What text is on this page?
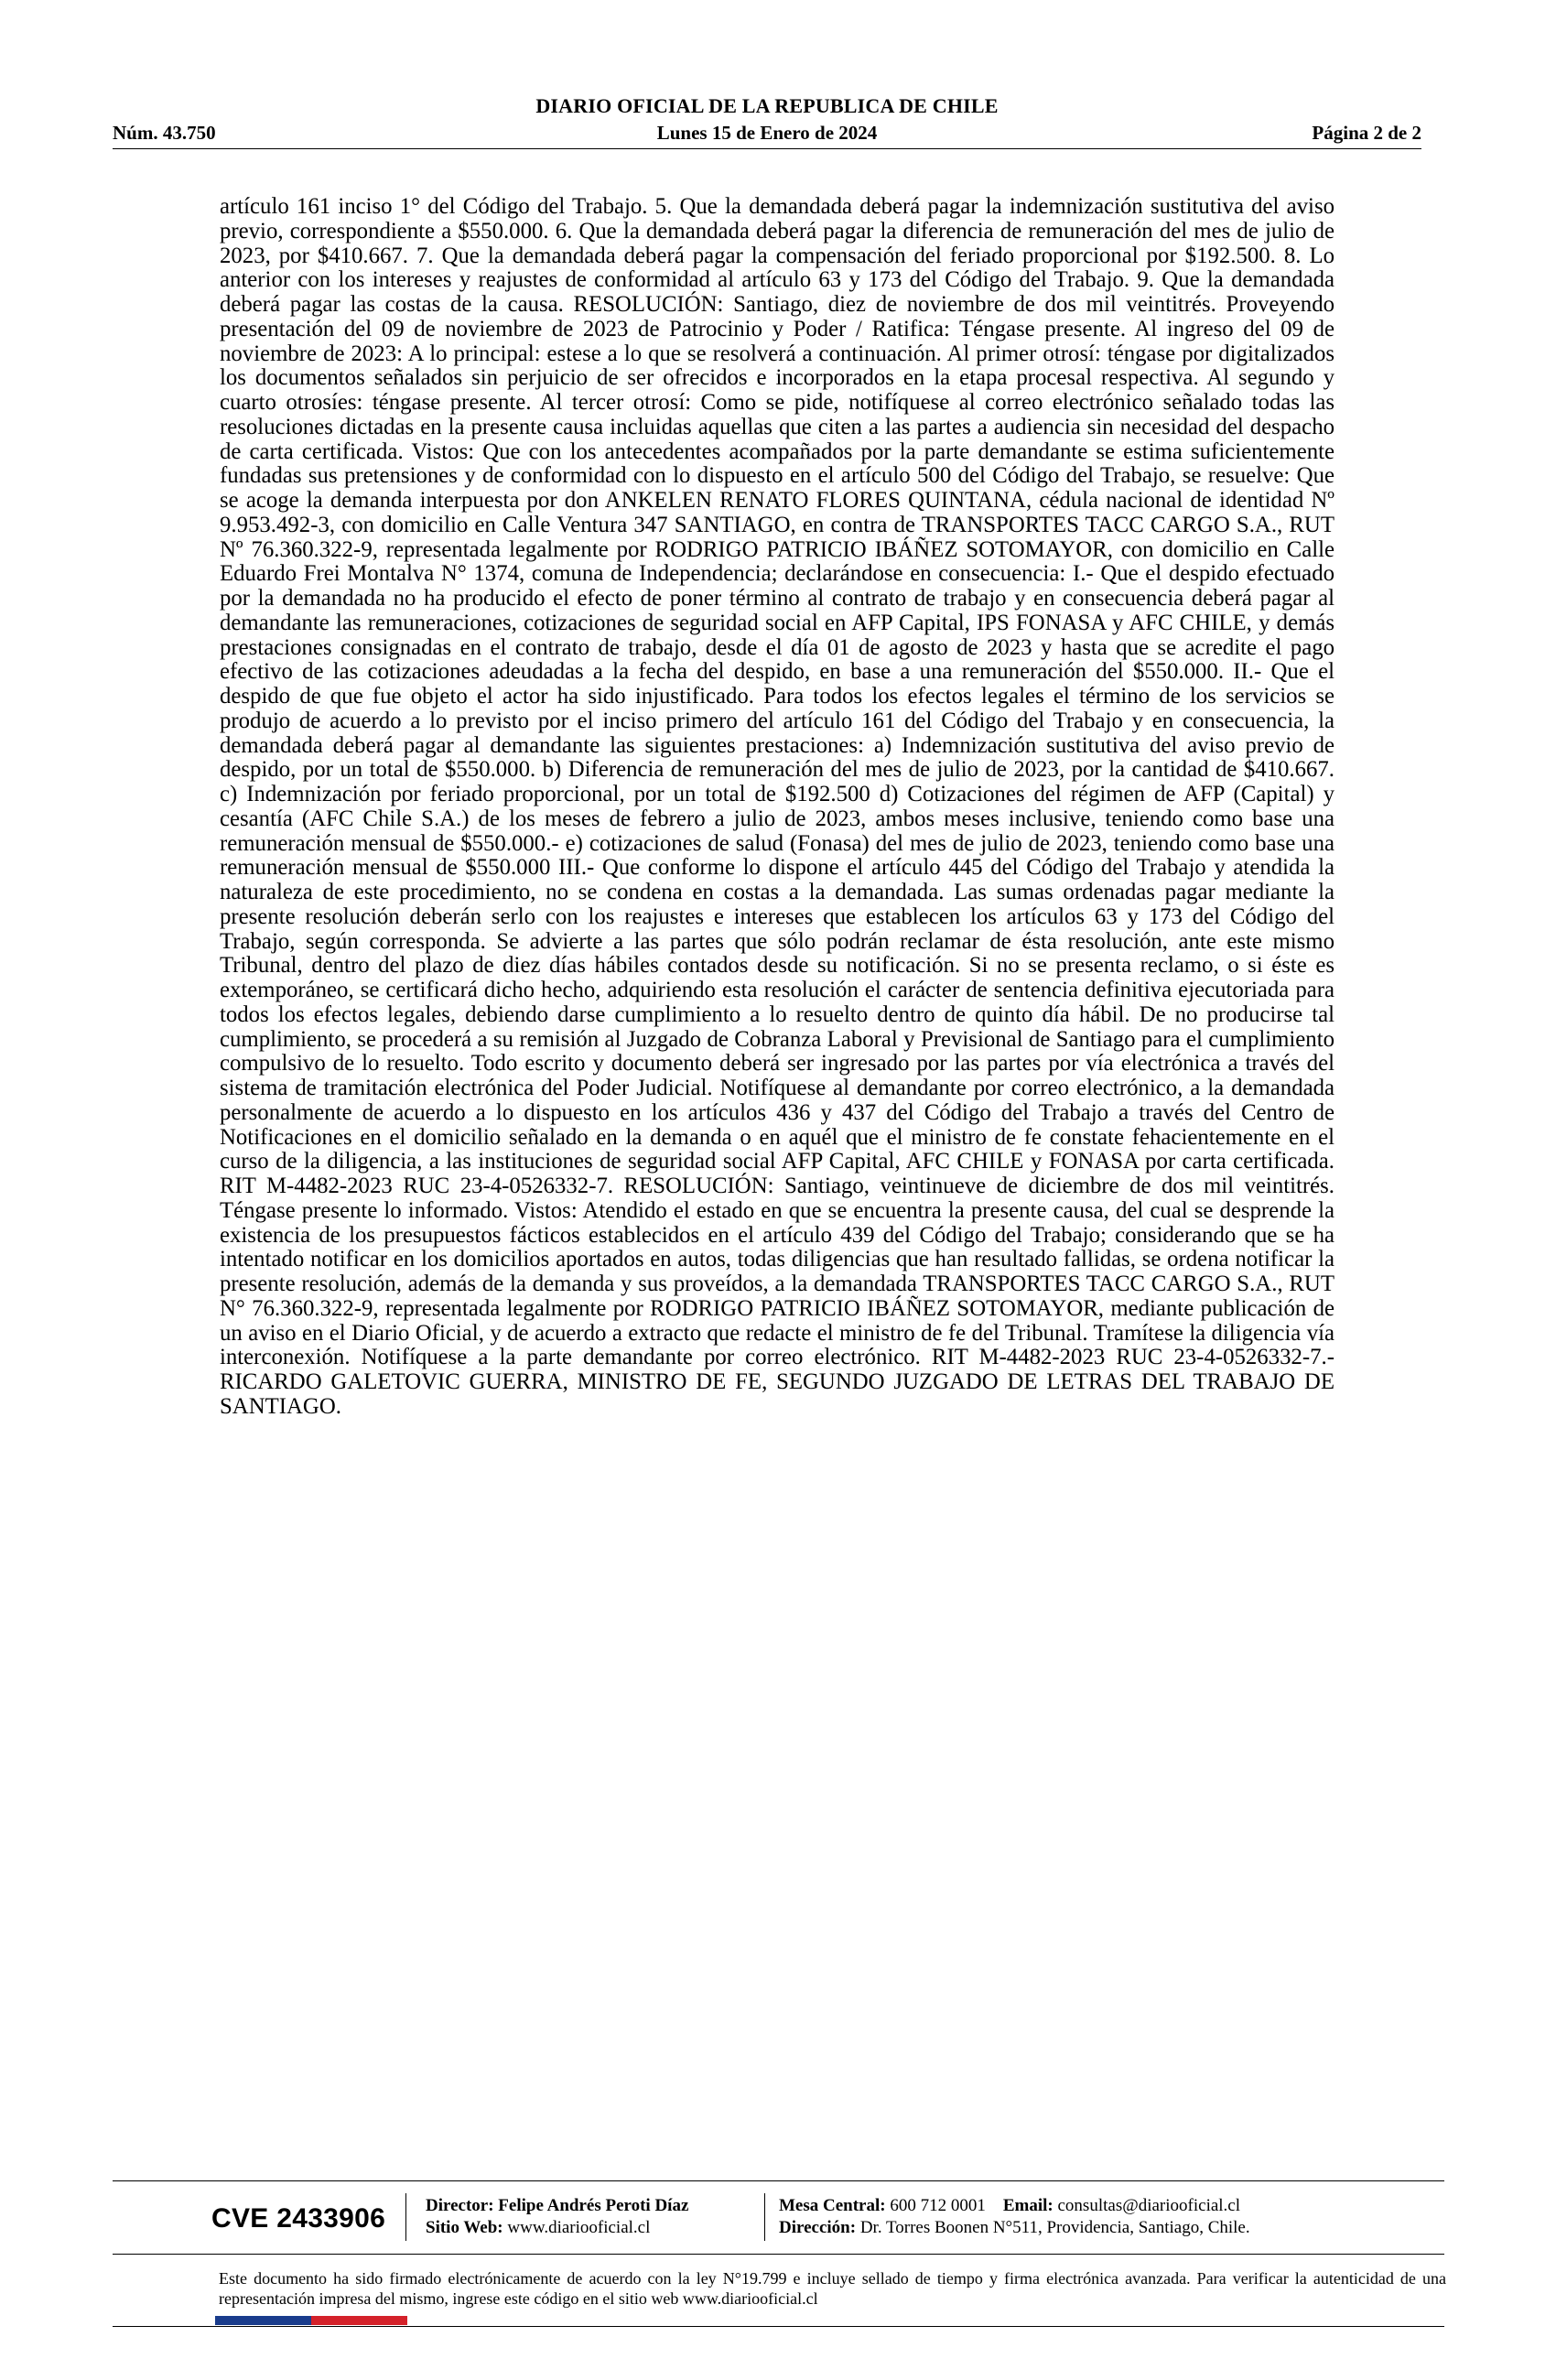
DIARIO OFICIAL DE LA REPUBLICA DE CHILE
Núm. 43.750	Lunes 15 de Enero de 2024	Página 2 de 2
artículo 161 inciso 1° del Código del Trabajo. 5. Que la demandada deberá pagar la indemnización sustitutiva del aviso previo, correspondiente a $550.000. 6. Que la demandada deberá pagar la diferencia de remuneración del mes de julio de 2023, por $410.667. 7. Que la demandada deberá pagar la compensación del feriado proporcional por $192.500. 8. Lo anterior con los intereses y reajustes de conformidad al artículo 63 y 173 del Código del Trabajo. 9. Que la demandada deberá pagar las costas de la causa. RESOLUCIÓN: Santiago, diez de noviembre de dos mil veintitrés. Proveyendo presentación del 09 de noviembre de 2023 de Patrocinio y Poder / Ratifica: Téngase presente. Al ingreso del 09 de noviembre de 2023: A lo principal: estese a lo que se resolverá a continuación. Al primer otrosí: téngase por digitalizados los documentos señalados sin perjuicio de ser ofrecidos e incorporados en la etapa procesal respectiva. Al segundo y cuarto otrosíes: téngase presente. Al tercer otrosí: Como se pide, notifíquese al correo electrónico señalado todas las resoluciones dictadas en la presente causa incluidas aquellas que citen a las partes a audiencia sin necesidad del despacho de carta certificada. Vistos: Que con los antecedentes acompañados por la parte demandante se estima suficientemente fundadas sus pretensiones y de conformidad con lo dispuesto en el artículo 500 del Código del Trabajo, se resuelve: Que se acoge la demanda interpuesta por don ANKELEN RENATO FLORES QUINTANA, cédula nacional de identidad Nº 9.953.492-3, con domicilio en Calle Ventura 347 SANTIAGO, en contra de TRANSPORTES TACC CARGO S.A., RUT Nº 76.360.322-9, representada legalmente por RODRIGO PATRICIO IBÁÑEZ SOTOMAYOR, con domicilio en Calle Eduardo Frei Montalva N° 1374, comuna de Independencia; declarándose en consecuencia: I.- Que el despido efectuado por la demandada no ha producido el efecto de poner término al contrato de trabajo y en consecuencia deberá pagar al demandante las remuneraciones, cotizaciones de seguridad social en AFP Capital, IPS FONASA y AFC CHILE, y demás prestaciones consignadas en el contrato de trabajo, desde el día 01 de agosto de 2023 y hasta que se acredite el pago efectivo de las cotizaciones adeudadas a la fecha del despido, en base a una remuneración del $550.000. II.- Que el despido de que fue objeto el actor ha sido injustificado. Para todos los efectos legales el término de los servicios se produjo de acuerdo a lo previsto por el inciso primero del artículo 161 del Código del Trabajo y en consecuencia, la demandada deberá pagar al demandante las siguientes prestaciones: a) Indemnización sustitutiva del aviso previo de despido, por un total de $550.000. b) Diferencia de remuneración del mes de julio de 2023, por la cantidad de $410.667. c) Indemnización por feriado proporcional, por un total de $192.500 d) Cotizaciones del régimen de AFP (Capital) y cesantía (AFC Chile S.A.) de los meses de febrero a julio de 2023, ambos meses inclusive, teniendo como base una remuneración mensual de $550.000.- e) cotizaciones de salud (Fonasa) del mes de julio de 2023, teniendo como base una remuneración mensual de $550.000 III.- Que conforme lo dispone el artículo 445 del Código del Trabajo y atendida la naturaleza de este procedimiento, no se condena en costas a la demandada. Las sumas ordenadas pagar mediante la presente resolución deberán serlo con los reajustes e intereses que establecen los artículos 63 y 173 del Código del Trabajo, según corresponda. Se advierte a las partes que sólo podrán reclamar de ésta resolución, ante este mismo Tribunal, dentro del plazo de diez días hábiles contados desde su notificación. Si no se presenta reclamo, o si éste es extemporáneo, se certificará dicho hecho, adquiriendo esta resolución el carácter de sentencia definitiva ejecutoriada para todos los efectos legales, debiendo darse cumplimiento a lo resuelto dentro de quinto día hábil. De no producirse tal cumplimiento, se procederá a su remisión al Juzgado de Cobranza Laboral y Previsional de Santiago para el cumplimiento compulsivo de lo resuelto. Todo escrito y documento deberá ser ingresado por las partes por vía electrónica a través del sistema de tramitación electrónica del Poder Judicial. Notifíquese al demandante por correo electrónico, a la demandada personalmente de acuerdo a lo dispuesto en los artículos 436 y 437 del Código del Trabajo a través del Centro de Notificaciones en el domicilio señalado en la demanda o en aquél que el ministro de fe constate fehacientemente en el curso de la diligencia, a las instituciones de seguridad social AFP Capital, AFC CHILE y FONASA por carta certificada. RIT M-4482-2023 RUC 23-4-0526332-7. RESOLUCIÓN: Santiago, veintinueve de diciembre de dos mil veintitrés. Téngase presente lo informado. Vistos: Atendido el estado en que se encuentra la presente causa, del cual se desprende la existencia de los presupuestos fácticos establecidos en el artículo 439 del Código del Trabajo; considerando que se ha intentado notificar en los domicilios aportados en autos, todas diligencias que han resultado fallidas, se ordena notificar la presente resolución, además de la demanda y sus proveídos, a la demandada TRANSPORTES TACC CARGO S.A., RUT N° 76.360.322-9, representada legalmente por RODRIGO PATRICIO IBÁÑEZ SOTOMAYOR, mediante publicación de un aviso en el Diario Oficial, y de acuerdo a extracto que redacte el ministro de fe del Tribunal. Tramítese la diligencia vía interconexión. Notifíquese a la parte demandante por correo electrónico. RIT M-4482-2023 RUC 23-4-0526332-7.- RICARDO GALETOVIC GUERRA, MINISTRO DE FE, SEGUNDO JUZGADO DE LETRAS DEL TRABAJO DE SANTIAGO.
CVE 2433906 Director: Felipe Andrés Peroti Díaz
Sitio Web: www.diariooficial.cl
Mesa Central: 600 712 0001 Email: consultas@diariooficial.cl
Dirección: Dr. Torres Boonen N°511, Providencia, Santiago, Chile.
Este documento ha sido firmado electrónicamente de acuerdo con la ley N°19.799 e incluye sellado de tiempo y firma electrónica avanzada. Para verificar la autenticidad de una representación impresa del mismo, ingrese este código en el sitio web www.diariooficial.cl
